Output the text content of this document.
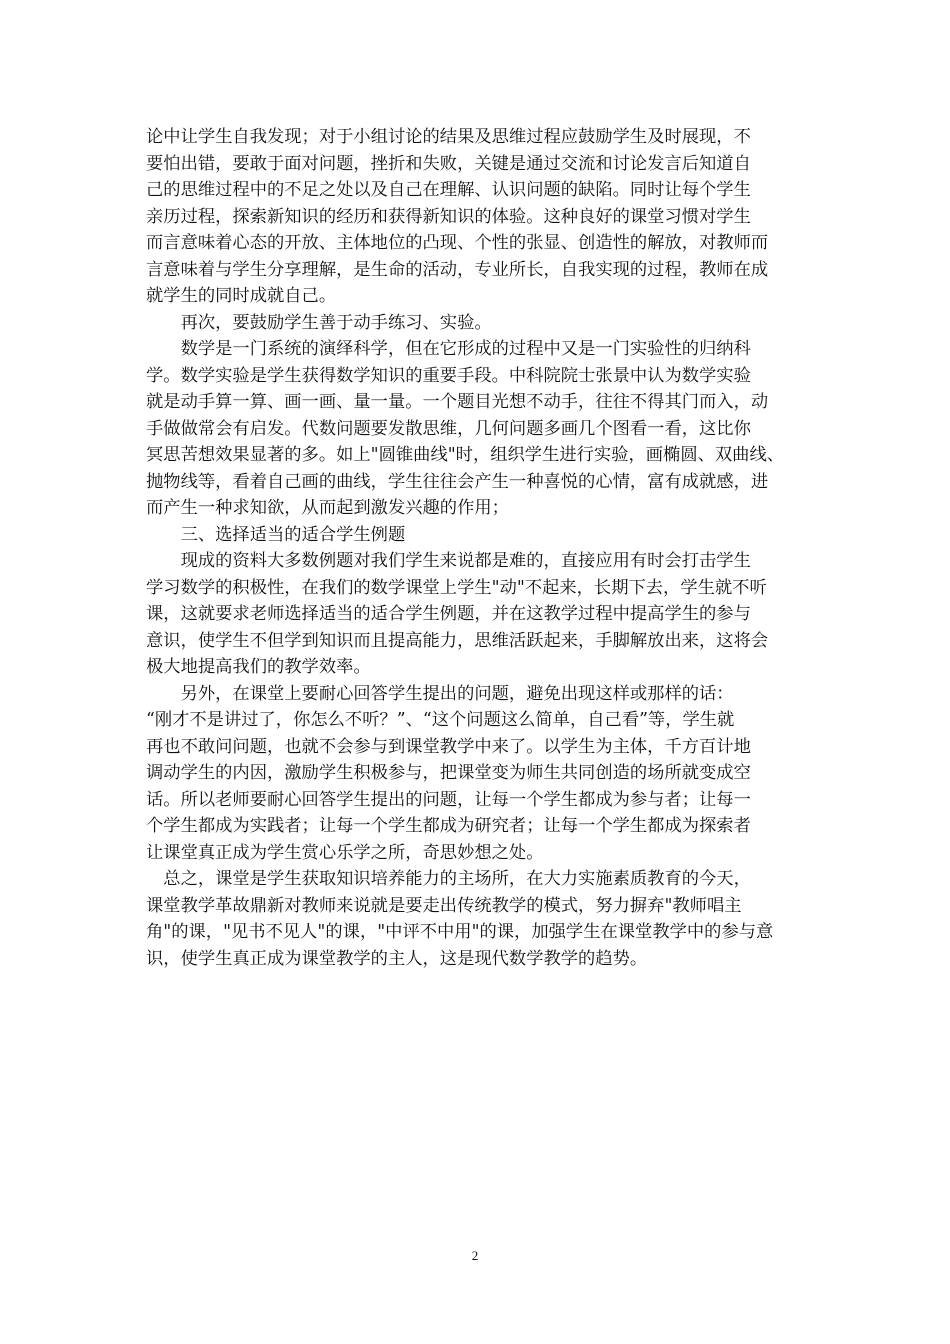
论中让学生自我发现；对于小组讨论的结果及思维过程应鼓励学生及时展现，不
要怕出错，要敢于面对问题，挫折和失败，关键是通过交流和讨论发言后知道自
己的思维过程中的不足之处以及自己在理解、认识问题的缺陷。同时让每个学生
亲历过程，探索新知识的经历和获得新知识的体验。这种良好的课堂习惯对学生
而言意味着心态的开放、主体地位的凸现、个性的张显、创造性的解放，对教师而
言意味着与学生分享理解，是生命的活动，专业所长，自我实现的过程，教师在成
就学生的同时成就自己。
　　再次，要鼓励学生善于动手练习、实验。
　　数学是一门系统的演绎科学，但在它形成的过程中又是一门实验性的归纳科
学。数学实验是学生获得数学知识的重要手段。中科院院士张景中认为数学实验
就是动手算一算、画一画、量一量。一个题目光想不动手，往往不得其门而入，动
手做做常会有启发。代数问题要发散思维，几何问题多画几个图看一看，这比你
冥思苦想效果显著的多。如上"圆锥曲线"时，组织学生进行实验，画椭圆、双曲线、
抛物线等，看着自己画的曲线，学生往往会产生一种喜悦的心情，富有成就感，进
而产生一种求知欲，从而起到激发兴趣的作用；
　　三、选择适当的适合学生例题
　　现成的资料大多数例题对我们学生来说都是难的，直接应用有时会打击学生
学习数学的积极性，在我们的数学课堂上学生"动"不起来，长期下去，学生就不听
课，这就要求老师选择适当的适合学生例题，并在这教学过程中提高学生的参与
意识，使学生不但学到知识而且提高能力，思维活跃起来，手脚解放出来，这将会
极大地提高我们的教学效率。
　　另外，在课堂上要耐心回答学生提出的问题，避免出现这样或那样的话：
“刚才不是讲过了，你怎么不听？”、“这个问题这么简单，自己看”等，学生就
再也不敢问问题，也就不会参与到课堂教学中来了。以学生为主体，千方百计地
调动学生的内因，激励学生积极参与，把课堂变为师生共同创造的场所就变成空
话。所以老师要耐心回答学生提出的问题，让每一个学生都成为参与者；让每一
个学生都成为实践者；让每一个学生都成为研究者；让每一个学生都成为探索者
让课堂真正成为学生赏心乐学之所，奇思妙想之处。
　总之，课堂是学生获取知识培养能力的主场所，在大力实施素质教育的今天，
课堂教学革故鼎新对教师来说就是要走出传统教学的模式，努力摒弃"教师唱主
角"的课，"见书不见人"的课，"中评不中用"的课，加强学生在课堂教学中的参与意
识，使学生真正成为课堂教学的主人，这是现代数学教学的趋势。
2
